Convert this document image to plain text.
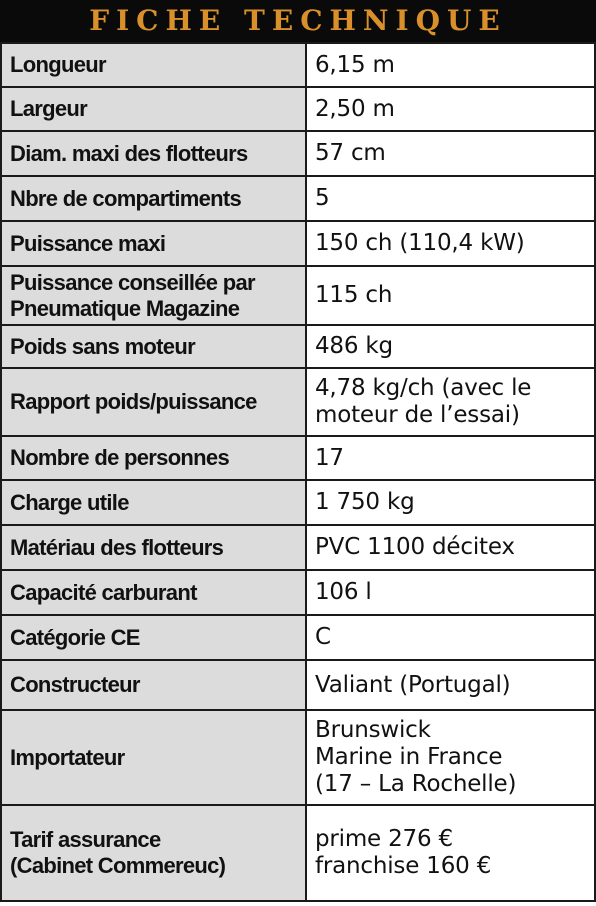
FICHE TECHNIQUE
Longueur	6,15 m

Largeur	2,50 m

Diam. maxi des flotteurs	57 cm

Nbre de compartiments	5

Puissance maxi	150 ch (110,4 kW)

Puissance conseillée par
Pneumatique Magazine	115 ch

Poids sans moteur	486 kg

Rapport poids/puissance	4,78 kg/ch (avec le
moteur de l’essai)

Nombre de personnes	17

Charge utile	1 750 kg

Matériau des flotteurs	PVC 1100 décitex

Capacité carburant	106 l

Catégorie CE	C

Constructeur	Valiant (Portugal)

Importateur	Brunswick
Marine in France
(17 – La Rochelle)

Tarif assurance
(Cabinet Commereuc)	prime 276 €
franchise 160 €
